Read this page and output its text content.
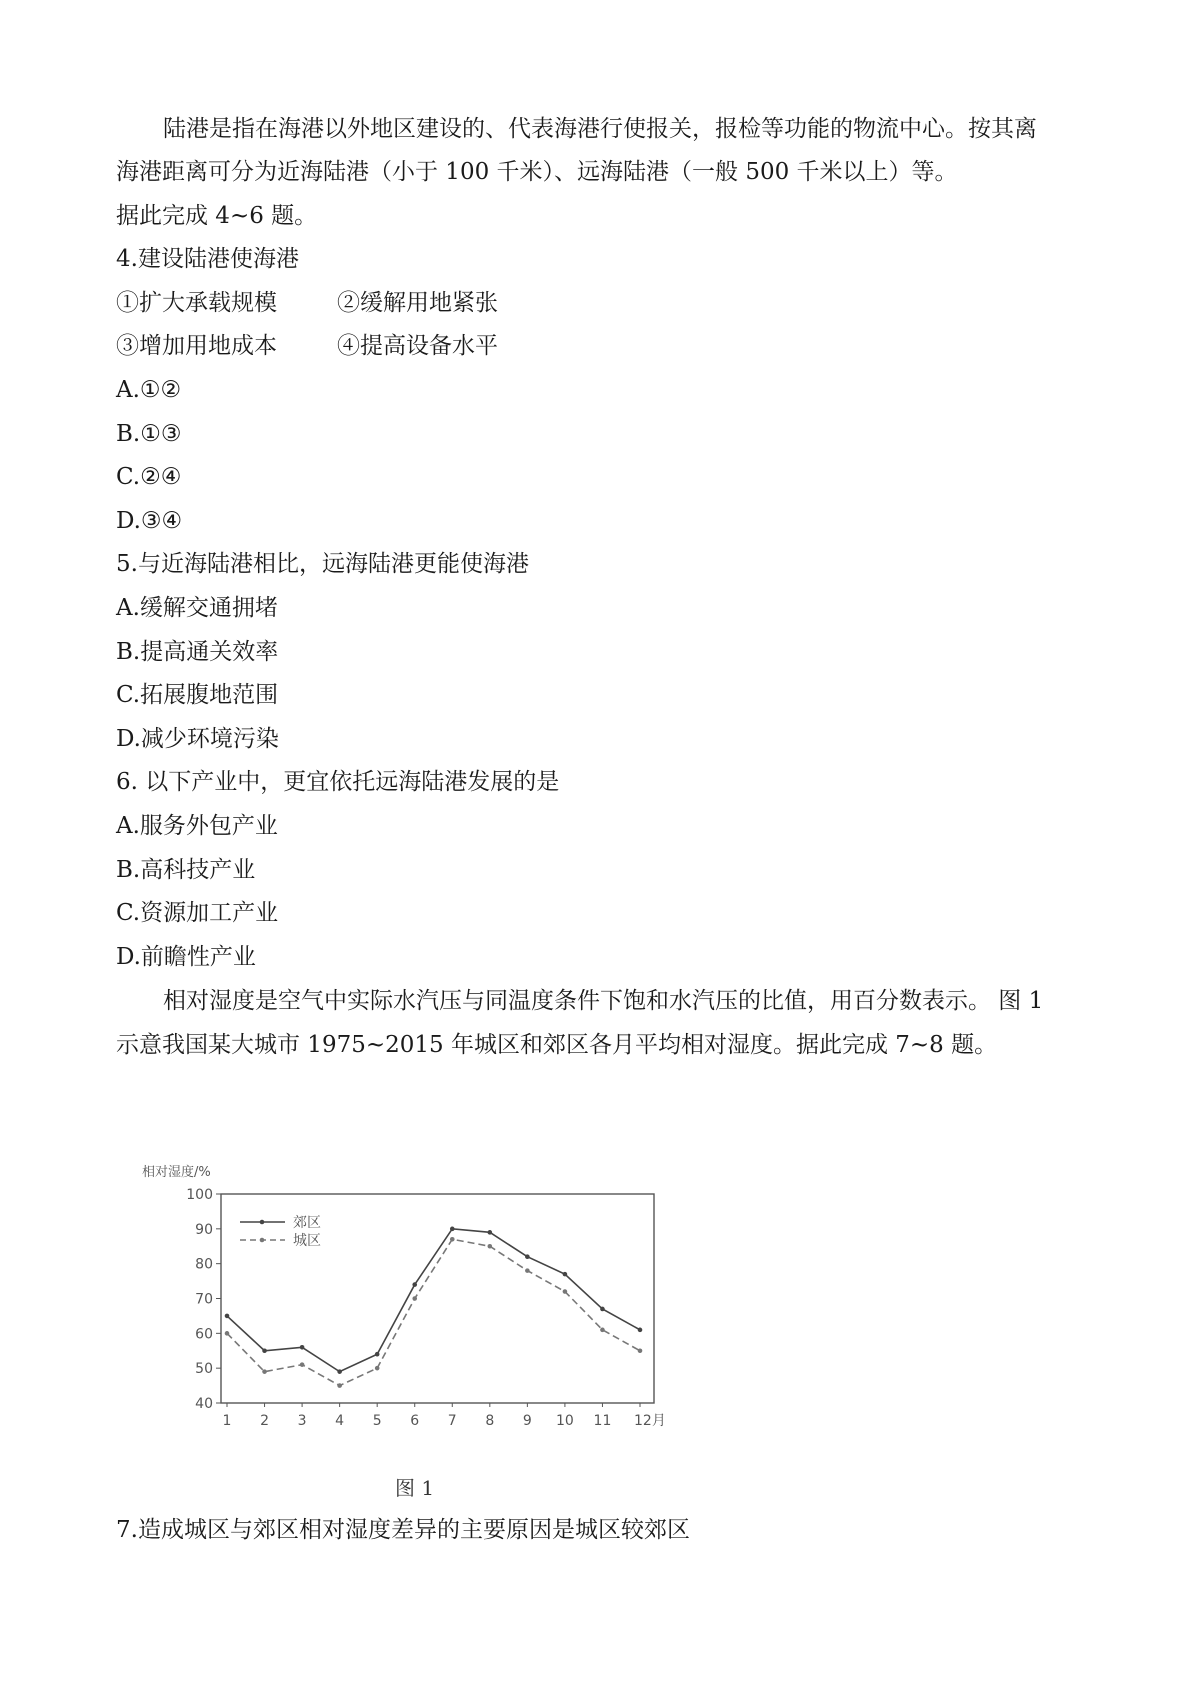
陆港是指在海港以外地区建设的、代表海港行使报关，报检等功能的物流中心。按其离
海港距离可分为近海陆港（小于 100 千米）、远海陆港（一般 500 千米以上）等。
据此完成 4~6 题。
4.建设陆港使海港
①扩大承载规模	②缓解用地紧张
③增加用地成本	④提高设备水平
A.①②
B.①③
C.②④
D.③④
5.与近海陆港相比，远海陆港更能使海港
A.缓解交通拥堵
B.提高通关效率
C.拓展腹地范围
D.减少环境污染
6. 以下产业中，更宜依托远海陆港发展的是
A.服务外包产业
B.高科技产业
C.资源加工产业
D.前瞻性产业
相对湿度是空气中实际水汽压与同温度条件下饱和水汽压的比值，用百分数表示。 图 1
示意我国某大城市 1975~2015 年城区和郊区各月平均相对湿度。据此完成 7~8 题。
相对湿度/%
100
90
80
70
60
50
40
1 2 3 4 5 6 7 8 9 10 11 12月
郊区
城区
图 1
7.造成城区与郊区相对湿度差异的主要原因是城区较郊区
